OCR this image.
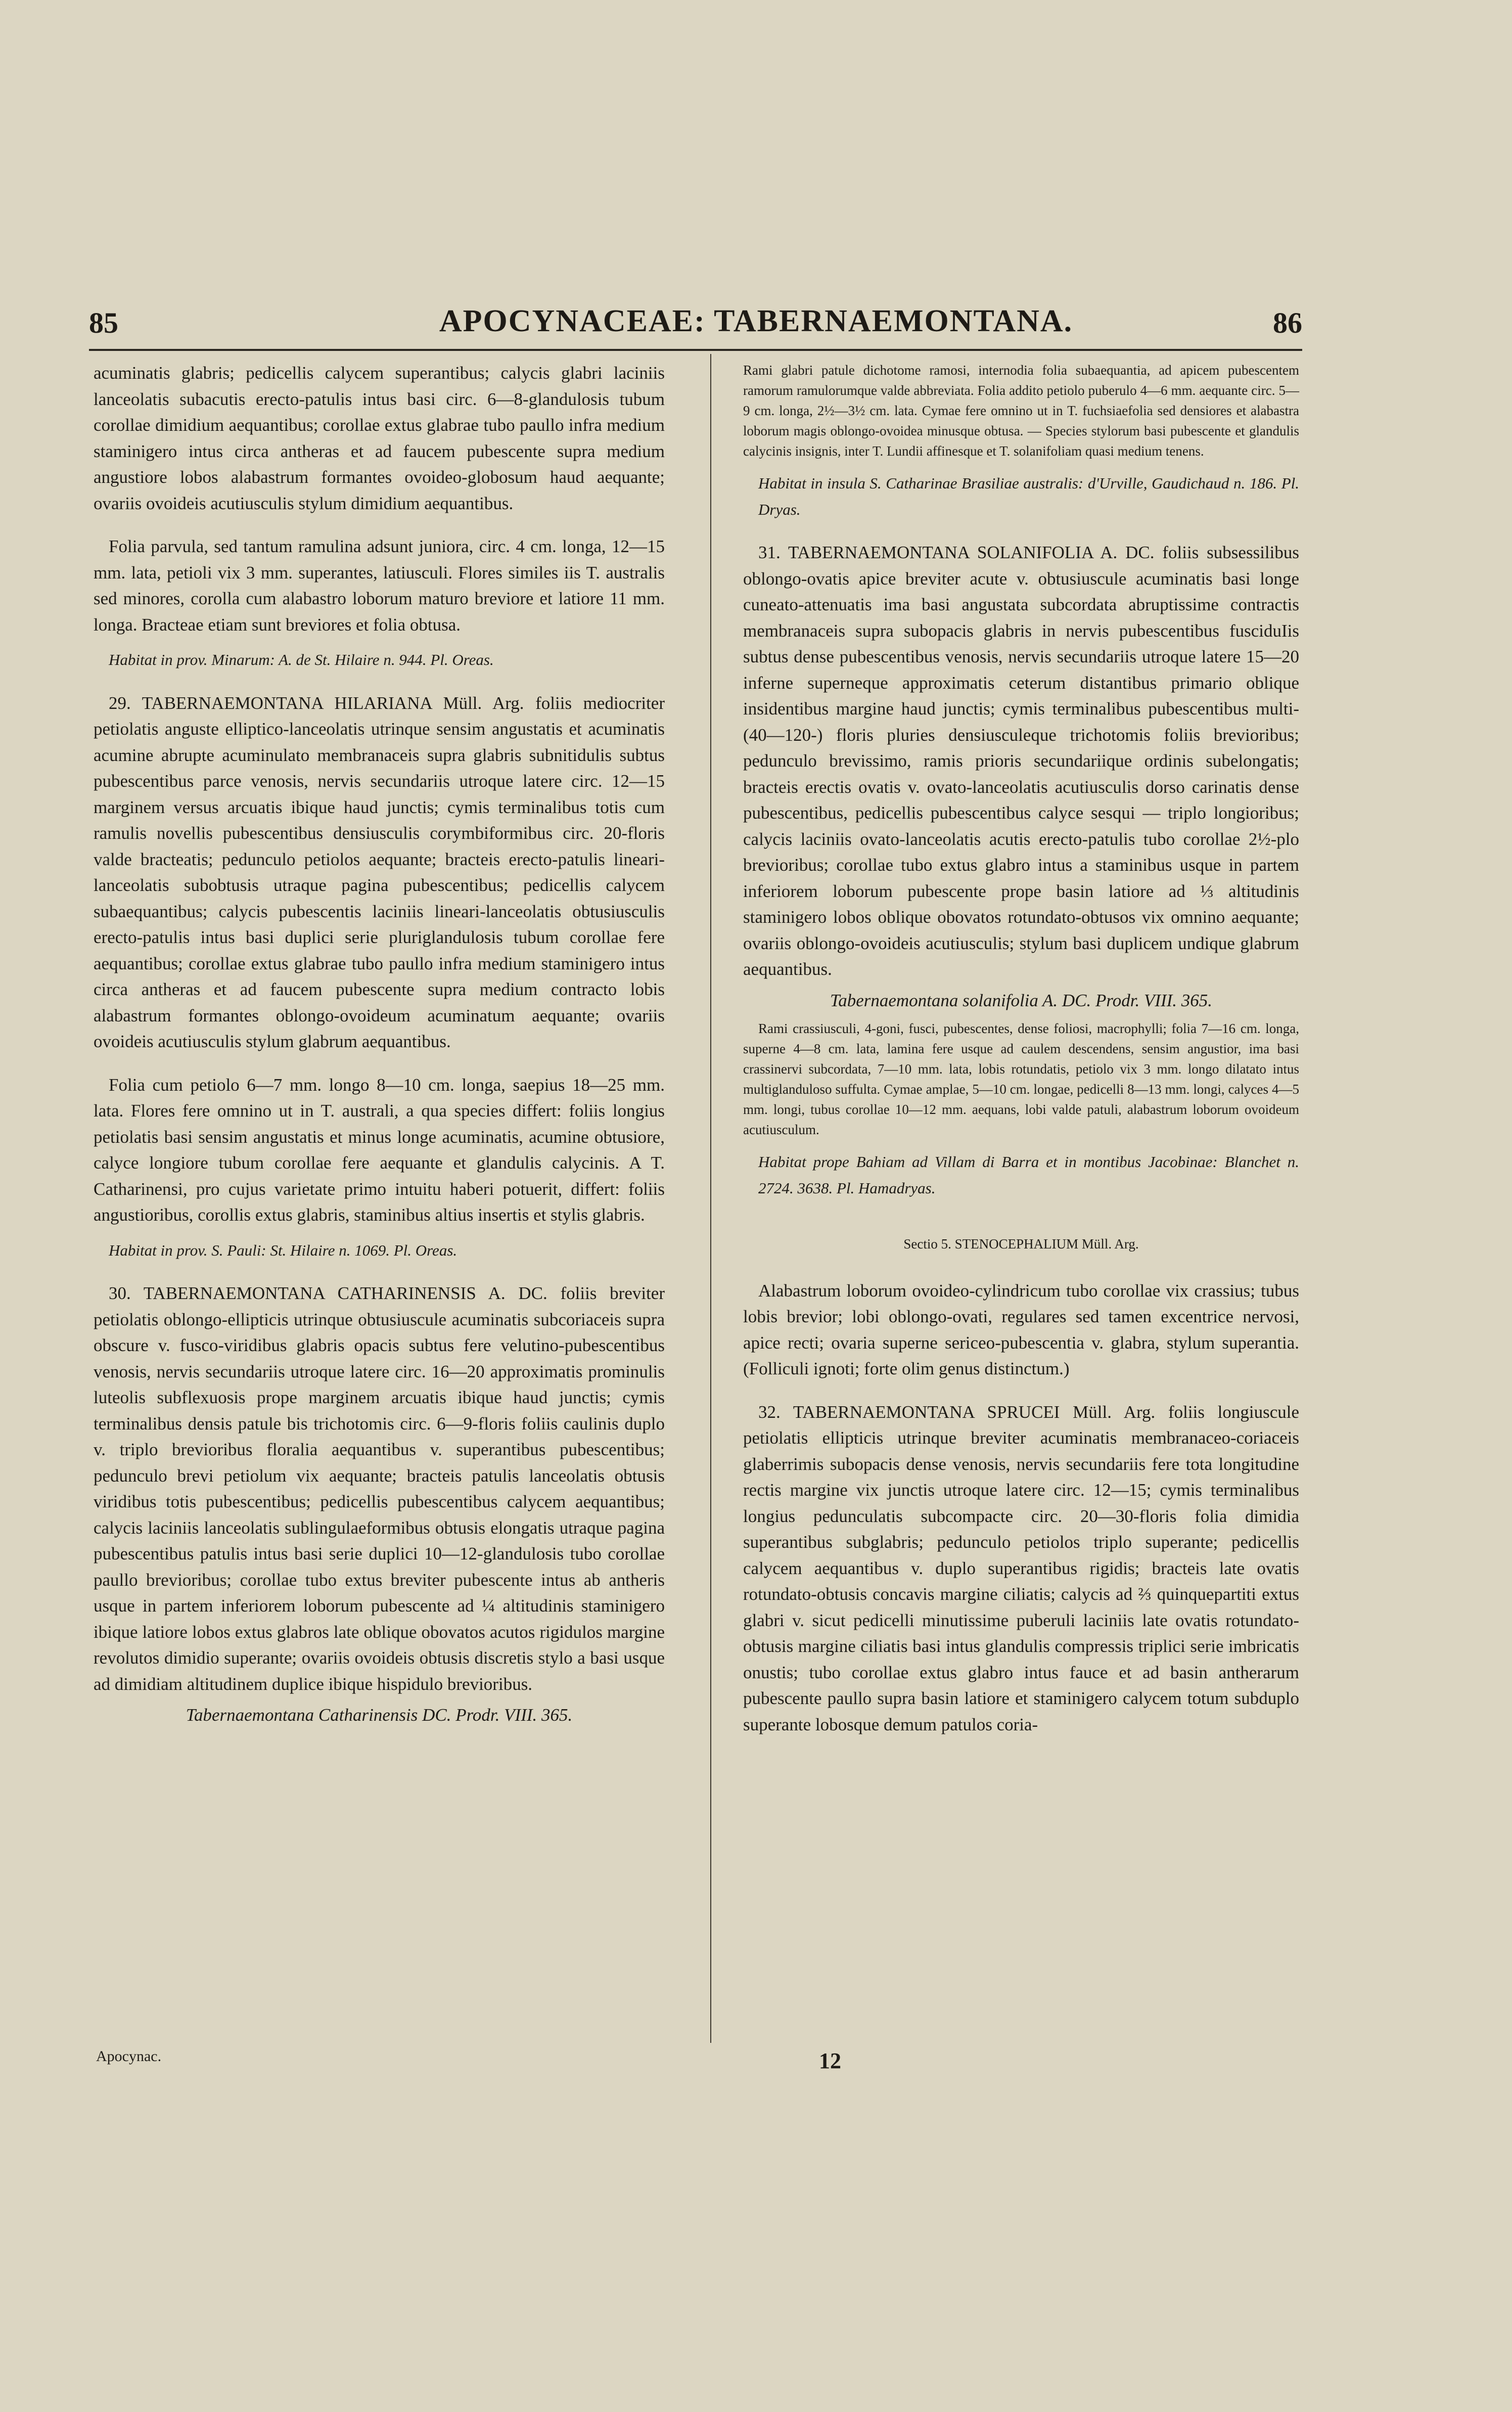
85	APOCYNACEAE: TABERNAEMONTANA.	86

acuminatis glabris; pedicellis calycem superantibus; calycis glabri laciniis lanceolatis subacutis erecto-patulis intus basi circ. 6—8-glandulosis tubum corollae dimidium aequantibus; corollae extus glabrae tubo paullo infra medium staminigero intus circa antheras et ad faucem pubescente supra medium angustiore lobos alabastrum formantes ovoideo-globosum haud aequante; ovariis ovoideis acutiusculis stylum dimidium aequantibus.

Folia parvula, sed tantum ramulina adsunt juniora, circ. 4 cm. longa, 12—15 mm. lata, petioli vix 3 mm. superantes, latiusculi. Flores similes iis T. australis sed minores, corolla cum alabastro loborum maturo breviore et latiore 11 mm. longa. Bracteae etiam sunt breviores et folia obtusa.

Habitat in prov. Minarum: A. de St. Hilaire n. 944. Pl. Oreas.

29. TABERNAEMONTANA HILARIANA Müll. Arg. foliis mediocriter petiolatis anguste elliptico-lanceolatis utrinque sensim angustatis et acuminatis acumine abrupte acuminulato membranaceis supra glabris subnitidulis subtus pubescentibus parce venosis, nervis secundariis utroque latere circ. 12—15 marginem versus arcuatis ibique haud junctis; cymis terminalibus totis cum ramulis novellis pubescentibus densiusculis corymbiformibus circ. 20-floris valde bracteatis; pedunculo petiolos aequante; bracteis erecto-patulis lineari-lanceolatis subobtusis utraque pagina pubescentibus; pedicellis calycem subaequantibus; calycis pubescentis laciniis lineari-lanceolatis obtusiusculis erecto-patulis intus basi duplici serie pluriglandulosis tubum corollae fere aequantibus; corollae extus glabrae tubo paullo infra medium staminigero intus circa antheras et ad faucem pubescente supra medium contracto lobis alabastrum formantes oblongo-ovoideum acuminatum aequante; ovariis ovoideis acutiusculis stylum glabrum aequantibus.

Folia cum petiolo 6—7 mm. longo 8—10 cm. longa, saepius 18—25 mm. lata. Flores fere omnino ut in T. australi, a qua species differt: foliis longius petiolatis basi sensim angustatis et minus longe acuminatis, acumine obtusiore, calyce longiore tubum corollae fere aequante et glandulis calycinis. A T. Catharinensi, pro cujus varietate primo intuitu haberi potuerit, differt: foliis angustioribus, corollis extus glabris, staminibus altius insertis et stylis glabris.

Habitat in prov. S. Pauli: St. Hilaire n. 1069. Pl. Oreas.

30. TABERNAEMONTANA CATHARINENSIS A. DC. foliis breviter petiolatis oblongo-ellipticis utrinque obtusiuscule acuminatis subcoriaceis supra obscure v. fusco-viridibus glabris opacis subtus fere velutino-pubescentibus venosis, nervis secundariis utroque latere circ. 16—20 approximatis prominulis luteolis subflexuosis prope marginem arcuatis ibique haud junctis; cymis terminalibus densis patule bis trichotomis circ. 6—9-floris foliis caulinis duplo v. triplo brevioribus floralia aequantibus v. superantibus pubescentibus; pedunculo brevi petiolum vix aequante; bracteis patulis lanceolatis obtusis viridibus totis pubescentibus; pedicellis pubescentibus calycem aequantibus; calycis laciniis lanceolatis sublingulaeformibus obtusis elongatis utraque pagina pubescentibus patulis intus basi serie duplici 10—12-glandulosis tubo corollae paullo brevioribus; corollae tubo extus breviter pubescente intus ab antheris usque in partem inferiorem loborum pubescente ad ¼ altitudinis staminigero ibique latiore lobos extus glabros late oblique obovatos acutos rigidulos margine revolutos dimidio superante; ovariis ovoideis obtusis discretis stylo a basi usque ad dimidiam altitudinem duplice ibique hispidulo brevioribus.

Tabernaemontana Catharinensis DC. Prodr. VIII. 365.

Rami glabri patule dichotome ramosi, internodia folia subaequantia, ad apicem pubescentem ramorum ramulorumque valde abbreviata. Folia addito petiolo puberulo 4—6 mm. aequante circ. 5—9 cm. longa, 2½—3½ cm. lata. Cymae fere omnino ut in T. fuchsiaefolia sed densiores et alabastra loborum magis oblongo-ovoidea minusque obtusa. — Species stylorum basi pubescente et glandulis calycinis insignis, inter T. Lundii affinesque et T. solanifoliam quasi medium tenens.

Habitat in insula S. Catharinae Brasiliae australis: d'Urville, Gaudichaud n. 186. Pl. Dryas.

31. TABERNAEMONTANA SOLANIFOLIA A. DC. foliis subsessilibus oblongo-ovatis apice breviter acute v. obtusiuscule acuminatis basi longe cuneato-attenuatis ima basi angustata subcordata abruptissime contractis membranaceis supra subopacis glabris in nervis pubescentibus fusciduIis subtus dense pubescentibus venosis, nervis secundariis utroque latere 15—20 inferne superneque approximatis ceterum distantibus primario oblique insidentibus margine haud junctis; cymis terminalibus pubescentibus multi- (40—120-) floris pluries densiusculeque trichotomis foliis brevioribus; pedunculo brevissimo, ramis prioris secundariique ordinis subelongatis; bracteis erectis ovatis v. ovato-lanceolatis acutiusculis dorso carinatis dense pubescentibus, pedicellis pubescentibus calyce sesqui — triplo longioribus; calycis laciniis ovato-lanceolatis acutis erecto-patulis tubo corollae 2½-plo brevioribus; corollae tubo extus glabro intus a staminibus usque in partem inferiorem loborum pubescente prope basin latiore ad ⅓ altitudinis staminigero lobos oblique obovatos rotundato-obtusos vix omnino aequante; ovariis oblongo-ovoideis acutiusculis; stylum basi duplicem undique glabrum aequantibus.

Tabernaemontana solanifolia A. DC. Prodr. VIII. 365.

Rami crassiusculi, 4-goni, fusci, pubescentes, dense foliosi, macrophylli; folia 7—16 cm. longa, superne 4—8 cm. lata, lamina fere usque ad caulem descendens, sensim angustior, ima basi crassinervi subcordata, 7—10 mm. lata, lobis rotundatis, petiolo vix 3 mm. longo dilatato intus multiglanduloso suffulta. Cymae amplae, 5—10 cm. longae, pedicelli 8—13 mm. longi, calyces 4—5 mm. longi, tubus corollae 10—12 mm. aequans, lobi valde patuli, alabastrum loborum ovoideum acutiusculum.

Habitat prope Bahiam ad Villam di Barra et in montibus Jacobinae: Blanchet n. 2724. 3638. Pl. Hamadryas.

Sectio 5. STENOCEPHALIUM Müll. Arg.

Alabastrum loborum ovoideo-cylindricum tubo corollae vix crassius; tubus lobis brevior; lobi oblongo-ovati, regulares sed tamen excentrice nervosi, apice recti; ovaria superne sericeo-pubescentia v. glabra, stylum superantia. (Folliculi ignoti; forte olim genus distinctum.)

32. TABERNAEMONTANA SPRUCEI Müll. Arg. foliis longiuscule petiolatis ellipticis utrinque breviter acuminatis membranaceo-coriaceis glaberrimis subopacis dense venosis, nervis secundariis fere tota longitudine rectis margine vix junctis utroque latere circ. 12—15; cymis terminalibus longius pedunculatis subcompacte circ. 20—30-floris folia dimidia superantibus subglabris; pedunculo petiolos triplo superante; pedicellis calycem aequantibus v. duplo superantibus rigidis; bracteis late ovatis rotundato-obtusis concavis margine ciliatis; calycis ad ⅔ quinquepartiti extus glabri v. sicut pedicelli minutissime puberuli laciniis late ovatis rotundato-obtusis margine ciliatis basi intus glandulis compressis triplici serie imbricatis onustis; tubo corollae extus glabro intus fauce et ad basin antherarum pubescente paullo supra basin latiore et staminigero calycem totum subduplo superante lobosque demum patulos coria-

Apocynac.	12
